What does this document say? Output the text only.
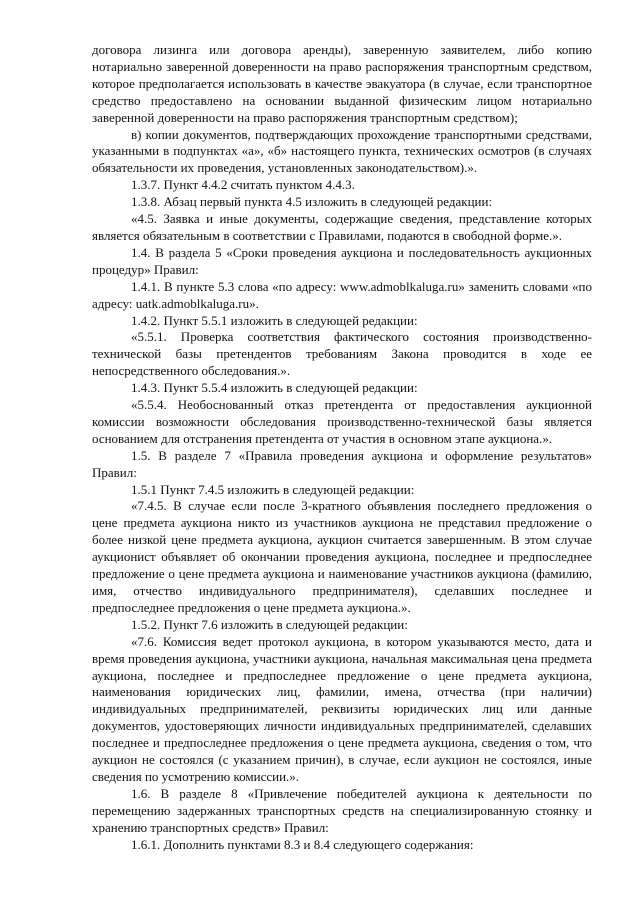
договора лизинга или договора аренды), заверенную заявителем, либо копию нотариально заверенной доверенности на право распоряжения транспортным средством, которое предполагается использовать в качестве эвакуатора (в случае, если транспортное средство предоставлено на основании выданной физическим лицом нотариально заверенной доверенности на право распоряжения транспортным средством);

в) копии документов, подтверждающих прохождение транспортными средствами, указанными в подпунктах «а», «б» настоящего пункта, технических осмотров (в случаях обязательности их проведения, установленных законодательством).».

1.3.7. Пункт 4.4.2 считать пунктом 4.4.3.

1.3.8. Абзац первый пункта 4.5 изложить в следующей редакции:

«4.5. Заявка и иные документы, содержащие сведения, представление которых является обязательным в соответствии с Правилами, подаются в свободной форме.».

1.4. В раздела 5 «Сроки проведения аукциона и последовательность аукционных процедур» Правил:

1.4.1. В пункте 5.3 слова «по адресу: www.admoblkaluga.ru» заменить словами «по адресу: uatk.admoblkaluga.ru».

1.4.2. Пункт 5.5.1 изложить в следующей редакции:

«5.5.1. Проверка соответствия фактического состояния производственно-технической базы претендентов требованиям Закона проводится в ходе ее непосредственного обследования.».

1.4.3. Пункт 5.5.4 изложить в следующей редакции:

«5.5.4. Необоснованный отказ претендента от предоставления аукционной комиссии возможности обследования производственно-технической базы является основанием для отстранения претендента от участия в основном этапе аукциона.».

1.5. В разделе 7 «Правила проведения аукциона и оформление результатов» Правил:

1.5.1 Пункт 7.4.5 изложить в следующей редакции:

«7.4.5. В случае если после 3-кратного объявления последнего предложения о цене предмета аукциона никто из участников аукциона не представил предложение о более низкой цене предмета аукциона, аукцион считается завершенным. В этом случае аукционист объявляет об окончании проведения аукциона, последнее и предпоследнее предложение о цене предмета аукциона и наименование участников аукциона (фамилию, имя, отчество индивидуального предпринимателя), сделавших последнее и предпоследнее предложения о цене предмета аукциона.».

1.5.2. Пункт 7.6 изложить в следующей редакции:

«7.6. Комиссия ведет протокол аукциона, в котором указываются место, дата и время проведения аукциона, участники аукциона, начальная максимальная цена предмета аукциона, последнее и предпоследнее предложение о цене предмета аукциона, наименования юридических лиц, фамилии, имена, отчества (при наличии) индивидуальных предпринимателей, реквизиты юридических лиц или данные документов, удостоверяющих личности индивидуальных предпринимателей, сделавших последнее и предпоследнее предложения о цене предмета аукциона, сведения о том, что аукцион не состоялся (с указанием причин), в случае, если аукцион не состоялся, иные сведения по усмотрению комиссии.».

1.6. В разделе 8 «Привлечение победителей аукциона к деятельности по перемещению задержанных транспортных средств на специализированную стоянку и хранению транспортных средств» Правил:

1.6.1. Дополнить пунктами 8.3 и 8.4 следующего содержания:
